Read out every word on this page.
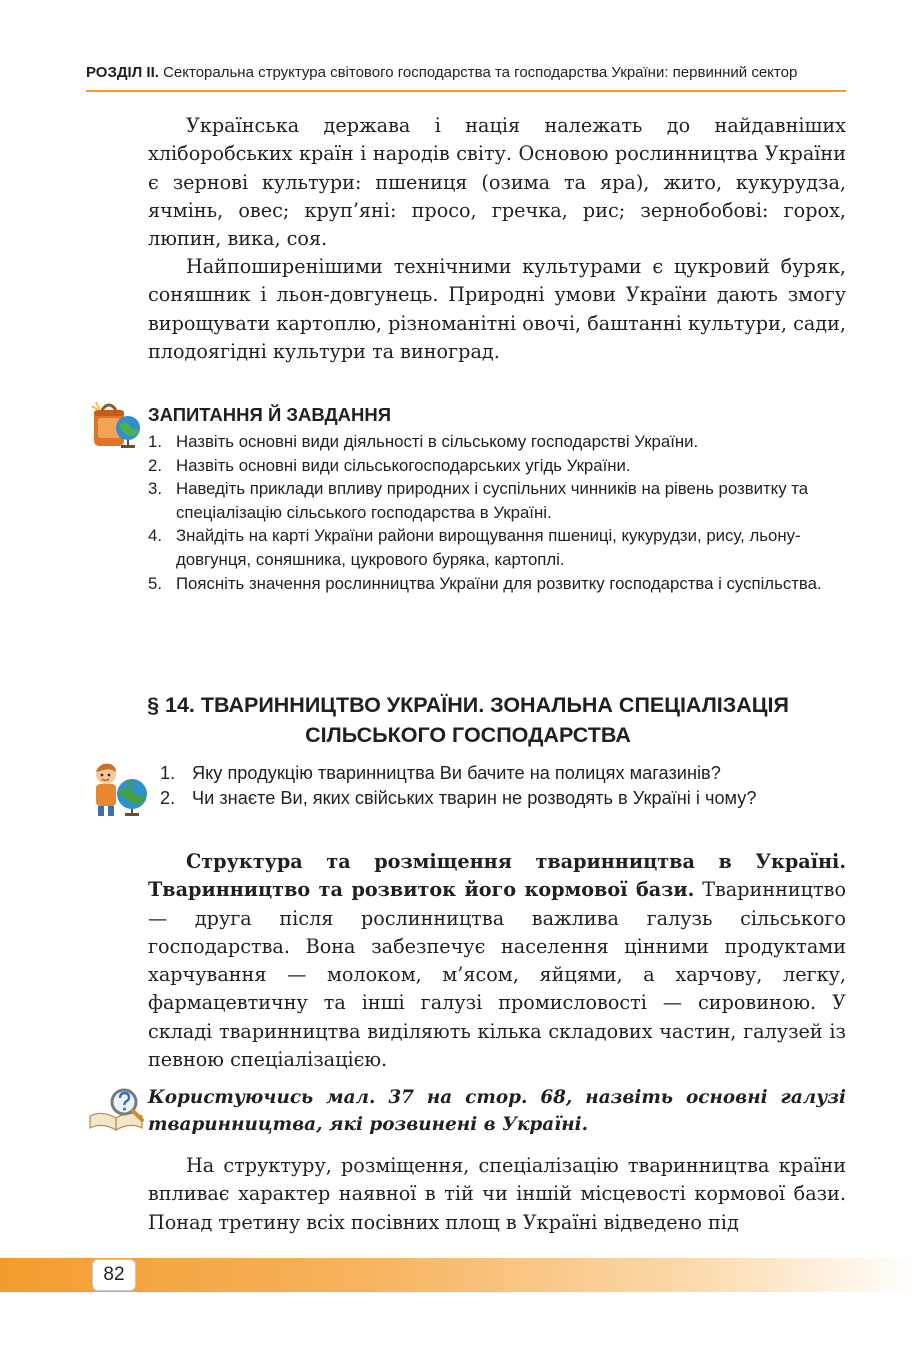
РОЗДІЛ ІІ. Секторальна структура світового господарства та господарства України: первинний сектор

Українська держава і нація належать до найдавніших хліборобських країн і народів світу. Основою рослинництва України є зернові культури: пшениця (озима та яра), жито, кукурудза, ячмінь, овес; круп’яні: просо, гречка, рис; зернобобові: горох, люпин, вика, соя.

Найпоширенішими технічними культурами є цукровий буряк, соняшник і льон-довгунець. Природні умови України дають змогу вирощувати картоплю, різноманітні овочі, баштанні культури, сади, плодоягідні культури та виноград.

ЗАПИТАННЯ Й ЗАВДАННЯ
1. Назвіть основні види діяльності в сільському господарстві України.
2. Назвіть основні види сільськогосподарських угідь України.
3. Наведіть приклади впливу природних і суспільних чинників на рівень розвитку та спеціалізацію сільського господарства в Україні.
4. Знайдіть на карті України райони вирощування пшениці, кукурудзи, рису, льону-довгунця, соняшника, цукрового буряка, картоплі.
5. Поясніть значення рослинництва України для розвитку господарства і суспільства.
§ 14. ТВАРИННИЦТВО УКРАЇНИ. ЗОНАЛЬНА СПЕЦІАЛІЗАЦІЯ
СІЛЬСЬКОГО ГОСПОДАРСТВА
1. Яку продукцію тваринництва Ви бачите на полицях магазинів?
2. Чи знаєте Ви, яких свійських тварин не розводять в Україні і чому?

Структура та розміщення тваринництва в Україні. Тваринництво та розвиток його кормової бази. Тваринництво — друга після рослинництва важлива галузь сільського господарства. Вона забезпечує населення цінними продуктами харчування — молоком, м’ясом, яйцями, а харчову, легку, фармацевтичну та інші галузі промисловості — сировиною. У складі тваринництва виділяють кілька складових частин, галузей із певною спеціалізацією.

Користуючись мал. 37 на стор. 68, назвіть основні галузі тваринництва, які розвинені в Україні.

На структуру, розміщення, спеціалізацію тваринництва країни впливає характер наявної в тій чи іншій місцевості кормової бази. Понад третину всіх посівних площ в Україні відведено під

82
